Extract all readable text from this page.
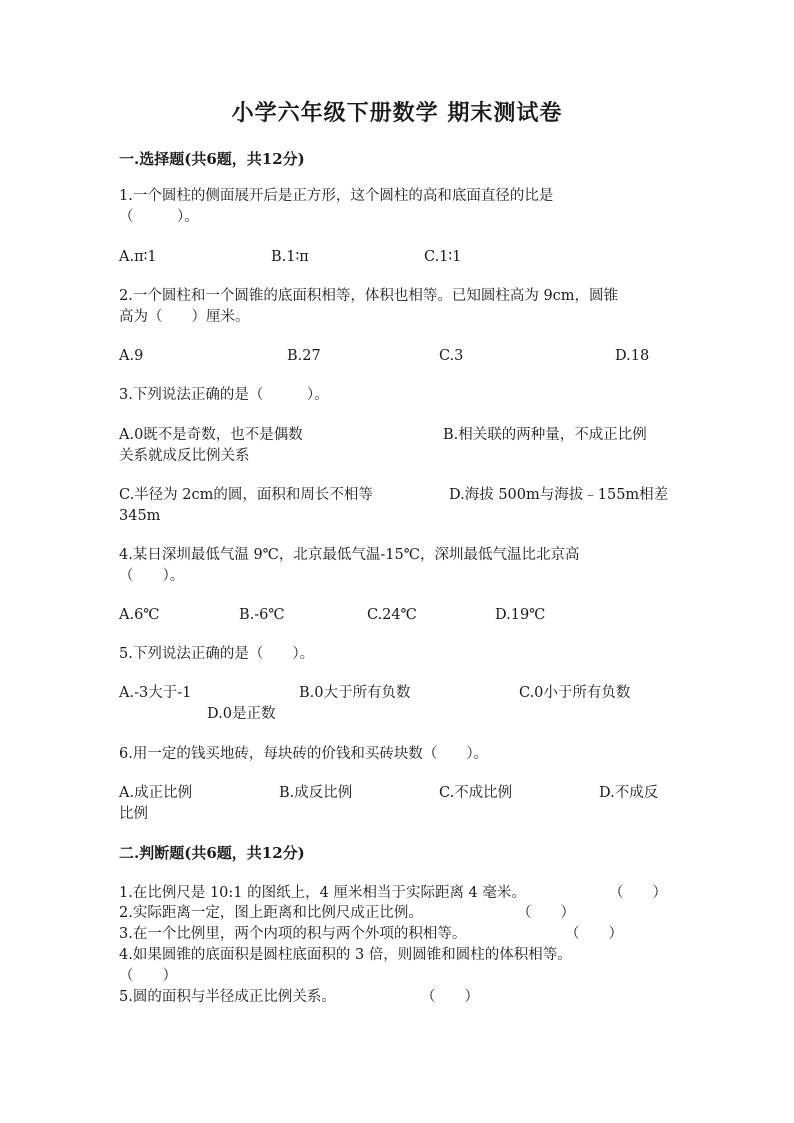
小学六年级下册数学 期末测试卷
一.选择题(共6题，共12分)
1.一个圆柱的侧面展开后是正方形，这个圆柱的高和底面直径的比是
（　　　）。
A.π∶1	B.1∶π	C.1∶1
2.一个圆柱和一个圆锥的底面积相等，体积也相等。已知圆柱高为 9cm，圆锥
高为（　　）厘米。
A.9	B.27	C.3	D.18
3.下列说法正确的是（　　　）。
A.0既不是奇数，也不是偶数	B.相关联的两种量，不成正比例
关系就成反比例关系
C.半径为 2cm的圆，面积和周长不相等	D.海拔 500m与海拔﹣155m相差
345m
4.某日深圳最低气温 9℃，北京最低气温-15℃，深圳最低气温比北京高
（　　）。
A.6℃	B.-6℃	C.24℃	D.19℃
5.下列说法正确的是（　　）。
A.-3大于-1	B.0大于所有负数	C.0小于所有负数
D.0是正数
6.用一定的钱买地砖，每块砖的价钱和买砖块数（　　）。
A.成正比例	B.成反比例	C.不成比例	D.不成反
比例
二.判断题(共6题，共12分)
1.在比例尺是 10:1 的图纸上，4 厘米相当于实际距离 4 毫米。	（　　）
2.实际距离一定，图上距离和比例尺成正比例。	（　　）
3.在一个比例里，两个内项的积与两个外项的积相等。	（　　）
4.如果圆锥的底面积是圆柱底面积的 3 倍，则圆锥和圆柱的体积相等。
（　　）
5.圆的面积与半径成正比例关系。	（　　）
